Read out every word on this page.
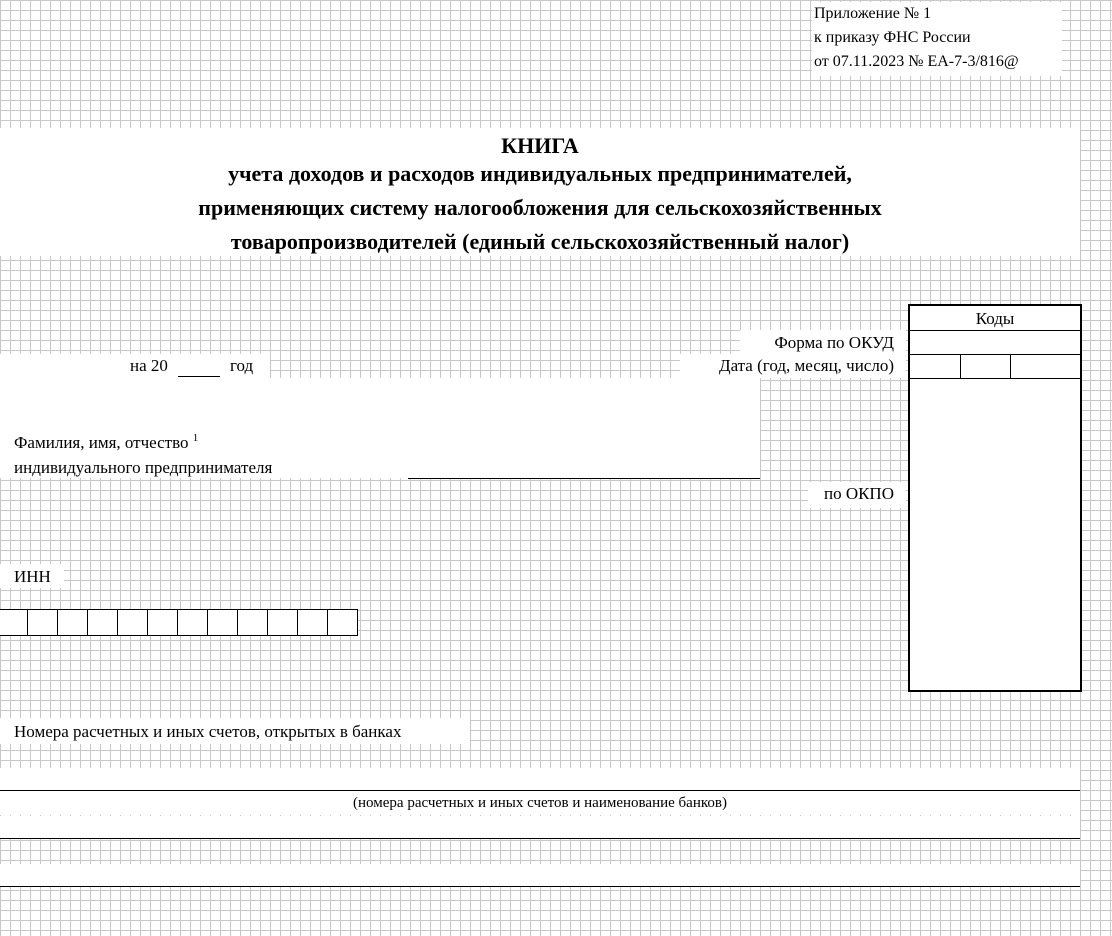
Приложение № 1
к приказу ФНС России
от 07.11.2023 № ЕА-7-3/816@
КНИГА
учета доходов и расходов индивидуальных предпринимателей,
применяющих систему налогообложения для сельскохозяйственных
товаропроизводителей (единый сельскохозяйственный налог)
Коды
Форма по ОКУД
Дата (год, месяц, число)
по ОКПО
на 20	год
Фамилия, имя, отчество $^1$
индивидуального предпринимателя
ИНН
Номера расчетных и иных счетов, открытых в банках
(номера расчетных и иных счетов и наименование банков)
